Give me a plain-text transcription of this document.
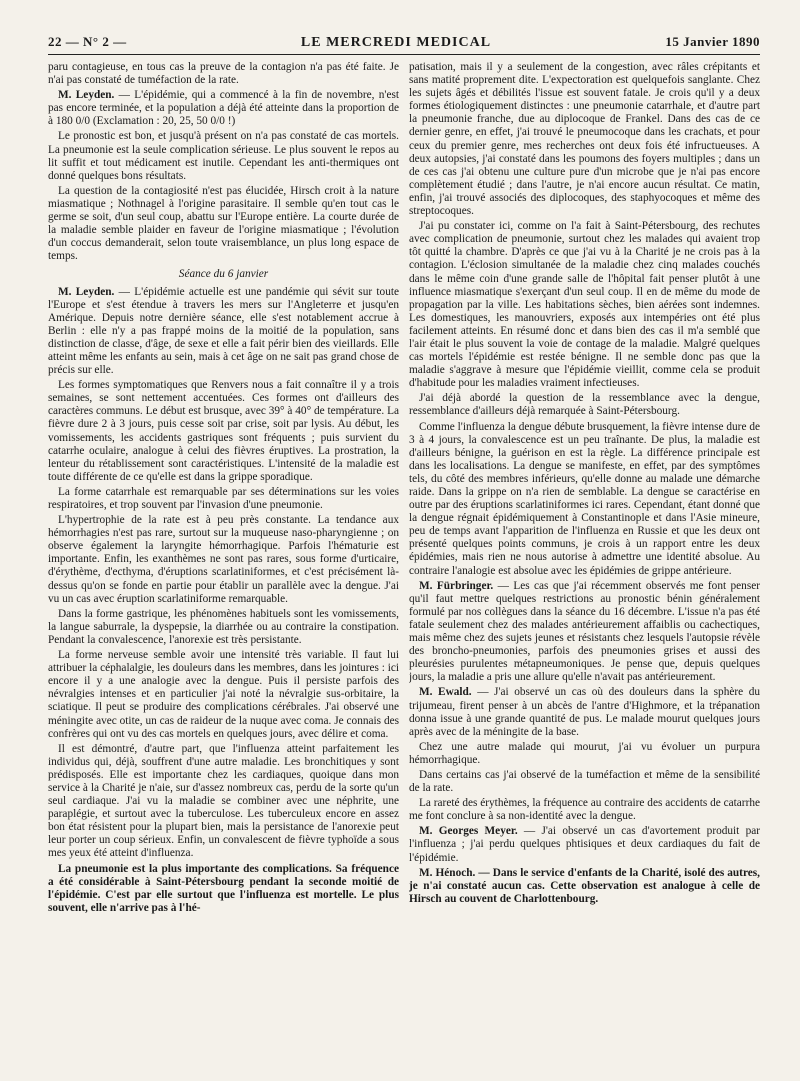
22 — N° 2 —	LE MERCREDI MEDICAL	15 Janvier 1890

paru contagieuse, en tous cas la preuve de la contagion n'a pas été faite. Je n'ai pas constaté de tuméfaction de la rate.

M. Leyden. — L'épidémie, qui a commencé à la fin de novembre, n'est pas encore terminée, et la population a déjà été atteinte dans la proportion de à 180 0/0 (Exclamation : 20, 25, 50 0/0 !)

Le pronostic est bon, et jusqu'à présent on n'a pas constaté de cas mortels. La pneumonie est la seule complication sérieuse. Le plus souvent le repos au lit suffit et tout médicament est inutile. Cependant les anti-thermiques ont donné quelques bons résultats.

La question de la contagiosité n'est pas élucidée, Hirsch croit à la nature miasmatique ; Nothnagel à l'origine parasitaire. Il semble qu'en tout cas le germe se soit, d'un seul coup, abattu sur l'Europe entière. La courte durée de la maladie semble plaider en faveur de l'origine miasmatique ; l'évolution d'un coccus demanderait, selon toute vraisemblance, un plus long espace de temps.

Séance du 6 janvier

M. Leyden. — L'épidémie actuelle est une pandémie qui sévit sur toute l'Europe et s'est étendue à travers les mers sur l'Angleterre et jusqu'en Amérique. Depuis notre dernière séance, elle s'est notablement accrue à Berlin : elle n'y a pas frappé moins de la moitié de la population, sans distinction de classe, d'âge, de sexe et elle a fait périr bien des vieillards. Elle atteint même les enfants au sein, mais à cet âge on ne sait pas grand chose de précis sur elle.

Les formes symptomatiques que Renvers nous a fait connaître il y a trois semaines, se sont nettement accentuées. Ces formes ont d'ailleurs des caractères communs. Le début est brusque, avec 39° à 40° de température. La fièvre dure 2 à 3 jours, puis cesse soit par crise, soit par lysis. Au début, les vomissements, les accidents gastriques sont fréquents ; puis survient du catarrhe oculaire, analogue à celui des fièvres éruptives. La prostration, la lenteur du rétablissement sont caractéristiques. L'intensité de la maladie est toute différente de ce qu'elle est dans la grippe sporadique.

La forme catarrhale est remarquable par ses déterminations sur les voies respiratoires, et trop souvent par l'invasion d'une pneumonie.

L'hypertrophie de la rate est à peu près constante. La tendance aux hémorrhagies n'est pas rare, surtout sur la muqueuse naso-pharyngienne ; on observe également la laryngite hémorrhagique. Parfois l'hématurie est importante. Enfin, les exanthèmes ne sont pas rares, sous forme d'urticaire, d'érythème, d'ecthyma, d'éruptions scarlatiniformes, et c'est précisément là-dessus qu'on se fonde en partie pour établir un parallèle avec la dengue. J'ai vu un cas avec éruption scarlatiniforme remarquable.

Dans la forme gastrique, les phénomènes habituels sont les vomissements, la langue saburrale, la dyspepsie, la diarrhée ou au contraire la constipation. Pendant la convalescence, l'anorexie est très persistante.

La forme nerveuse semble avoir une intensité très variable. Il faut lui attribuer la céphalalgie, les douleurs dans les membres, dans les jointures : ici encore il y a une analogie avec la dengue. Puis il persiste parfois des névralgies intenses et en particulier j'ai noté la névralgie sus-orbitaire, la sciatique. Il peut se produire des complications cérébrales. J'ai observé une méningite avec otite, un cas de raideur de la nuque avec coma. Je connais des confrères qui ont vu des cas mortels en quelques jours, avec délire et coma.

Il est démontré, d'autre part, que l'influenza atteint parfaitement les individus qui, déjà, souffrent d'une autre maladie. Les bronchitiques y sont prédisposés. Elle est importante chez les cardiaques, quoique dans mon service à la Charité je n'aie, sur d'assez nombreux cas, perdu de la sorte qu'un seul cardiaque. J'ai vu la maladie se combiner avec une néphrite, une paraplégie, et surtout avec la tuberculose. Les tuberculeux encore en assez bon état résistent pour la plupart bien, mais la persistance de l'anorexie peut leur porter un coup sérieux. Enfin, un convalescent de fièvre typhoïde a sous mes yeux été atteint d'influenza.

La pneumonie est la plus importante des complications. Sa fréquence a été considérable à Saint-Pétersbourg pendant la seconde moitié de l'épidémie. C'est par elle surtout que l'influenza est mortelle. Le plus souvent, elle n'arrive pas à l'hé-

patisation, mais il y a seulement de la congestion, avec râles crépitants et sans matité proprement dite. L'expectoration est quelquefois sanglante. Chez les sujets âgés et débilités l'issue est souvent fatale. Je crois qu'il y a deux formes étiologiquement distinctes : une pneumonie catarrhale, et d'autre part la pneumonie franche, due au diplocoque de Frankel. Dans des cas de ce dernier genre, en effet, j'ai trouvé le pneumocoque dans les crachats, et pour ceux du premier genre, mes recherches ont deux fois été infructueuses. A deux autopsies, j'ai constaté dans les poumons des foyers multiples ; dans un de ces cas j'ai obtenu une culture pure d'un microbe que je n'ai pas encore complètement étudié ; dans l'autre, je n'ai encore aucun résultat. Ce matin, enfin, j'ai trouvé associés des diplocoques, des staphyocoques et même des streptocoques.

J'ai pu constater ici, comme on l'a fait à Saint-Pétersbourg, des rechutes avec complication de pneumonie, surtout chez les malades qui avaient trop tôt quitté la chambre. D'après ce que j'ai vu à la Charité je ne crois pas à la contagion. L'éclosion simultanée de la maladie chez cinq malades couchés dans le même coin d'une grande salle de l'hôpital fait penser plutôt à une influence miasmatique s'exerçant d'un seul coup. Il en de même du mode de propagation par la ville. Les habitations sèches, bien aérées sont indemnes. Les domestiques, les manouvriers, exposés aux intempéries ont été plus facilement atteints. En résumé donc et dans bien des cas il m'a semblé que l'air était le plus souvent la voie de contage de la maladie. Malgré quelques cas mortels l'épidémie est restée bénigne. Il ne semble donc pas que la maladie s'aggrave à mesure que l'épidémie vieillit, comme cela se produit d'habitude pour les maladies vraiment infectieuses.

J'ai déjà abordé la question de la ressemblance avec la dengue, ressemblance d'ailleurs déjà remarquée à Saint-Pétersbourg.

Comme l'influenza la dengue débute brusquement, la fièvre intense dure de 3 à 4 jours, la convalescence est un peu traînante. De plus, la maladie est d'ailleurs bénigne, la guérison en est la règle. La différence principale est dans les localisations. La dengue se manifeste, en effet, par des symptômes tels, du côté des membres inférieurs, qu'elle donne au malade une démarche raide. Dans la grippe on n'a rien de semblable. La dengue se caractérise en outre par des éruptions scarlatiniformes ici rares. Cependant, étant donné que la dengue régnait épidémiquement à Constantinople et dans l'Asie mineure, peu de temps avant l'apparition de l'influenza en Russie et que les deux ont présenté quelques points communs, je crois à un rapport entre les deux épidémies, mais rien ne nous autorise à admettre une identité absolue. Au contraire l'analogie est absolue avec les épidémies de grippe antérieure.

M. Fürbringer. — Les cas que j'ai récemment observés me font penser qu'il faut mettre quelques restrictions au pronostic bénin généralement formulé par nos collègues dans la séance du 16 décembre. L'issue n'a pas été fatale seulement chez des malades antérieurement affaiblis ou cachectiques, mais même chez des sujets jeunes et résistants chez lesquels l'autopsie révèle des broncho-pneumonies, parfois des pneumonies grises et aussi des pleurésies purulentes métapneumoniques. Je pense que, depuis quelques jours, la maladie a pris une allure qu'elle n'avait pas antérieurement.

M. Ewald. — J'ai observé un cas où des douleurs dans la sphère du trijumeau, firent penser à un abcès de l'antre d'Highmore, et la trépanation donna issue à une grande quantité de pus. Le malade mourut quelques jours après avec de la méningite de la base.

Chez une autre malade qui mourut, j'ai vu évoluer un purpura hémorrhagique.

Dans certains cas j'ai observé de la tuméfaction et même de la sensibilité de la rate.

La rareté des érythèmes, la fréquence au contraire des accidents de catarrhe me font conclure à sa non-identité avec la dengue.

M. Georges Meyer. — J'ai observé un cas d'avortement produit par l'influenza ; j'ai perdu quelques phtisiques et deux cardiaques du fait de l'épidémie.

M. Hénoch. — Dans le service d'enfants de la Charité, isolé des autres, je n'ai constaté aucun cas. Cette observation est analogue à celle de Hirsch au couvent de Charlottenbourg.
